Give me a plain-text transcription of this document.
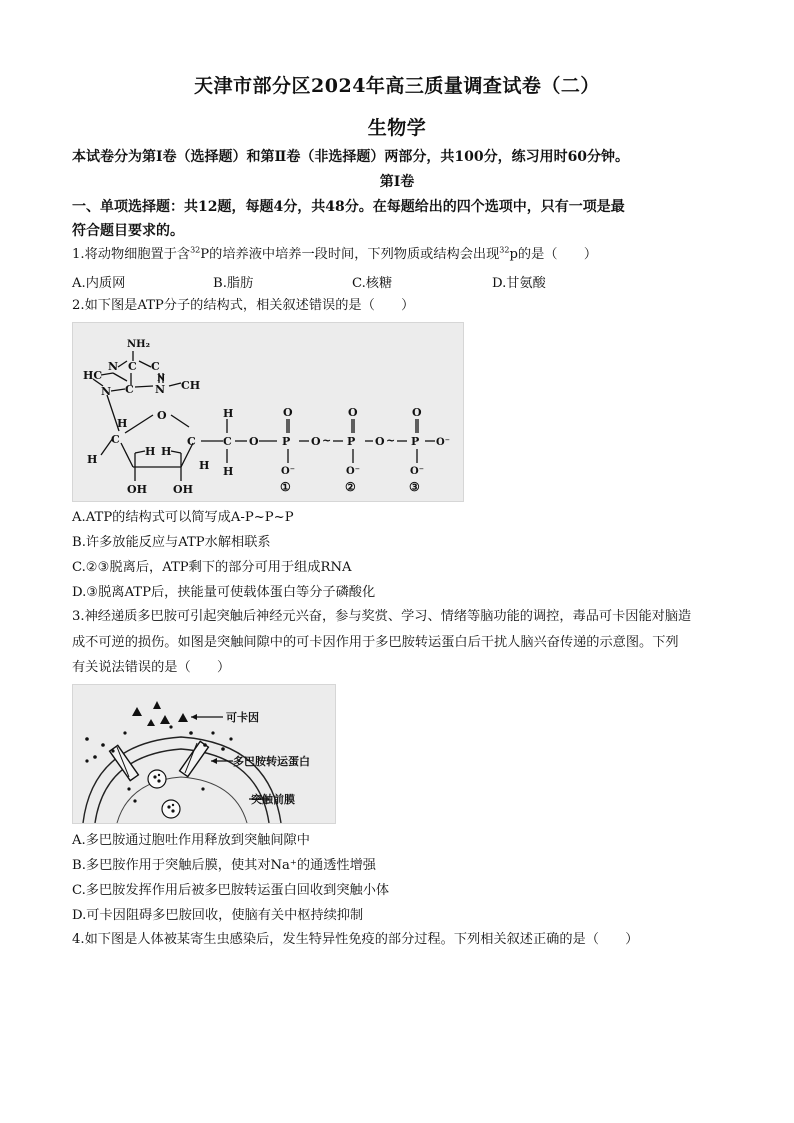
天津市部分区2024年高三质量调查试卷（二）
生物学
本试卷分为第Ⅰ卷（选择题）和第Ⅱ卷（非选择题）两部分，共100分，练习用时60分钟。
第Ⅰ卷
一、单项选择题：共12题，每题4分，共48分。在每题给出的四个选项中，只有一项是最
符合题目要求的。
1.将动物细胞置于含$^{32}$P的培养液中培养一段时间，下列物质或结构会出现$^{32}$p的是（　　）
A.内质网	B.脂肪	C.核糖	D.甘氨酸
2.如下图是ATP分子的结构式，相关叙述错误的是（　　）
NH₂
N C C
N
HC
N C N CH
O
C	C C
H
H
H H
H
H
H
OH OH
O P
O
O⁻
O ~ P
O
O⁻
O ~ P
O
O⁻
O⁻
①	②	③
A.ATP的结构式可以简写成A-P~P~P
B.许多放能反应与ATP水解相联系
C.②③脱离后，ATP剩下的部分可用于组成RNA
D.③脱离ATP后，挟能量可使载体蛋白等分子磷酸化
3.神经递质多巴胺可引起突触后神经元兴奋，参与奖赏、学习、情绪等脑功能的调控，毒品可卡因能对脑造
成不可逆的损伤。如图是突触间隙中的可卡因作用于多巴胺转运蛋白后干扰人脑兴奋传递的示意图。下列
有关说法错误的是（　　）
可卡因
多巴胺转运蛋白
突触前膜
A.多巴胺通过胞吐作用释放到突触间隙中
B.多巴胺作用于突触后膜，使其对Na⁺的通透性增强
C.多巴胺发挥作用后被多巴胺转运蛋白回收到突触小体
D.可卡因阻碍多巴胺回收，使脑有关中枢持续抑制
4.如下图是人体被某寄生虫感染后，发生特异性免疫的部分过程。下列相关叙述正确的是（　　）
